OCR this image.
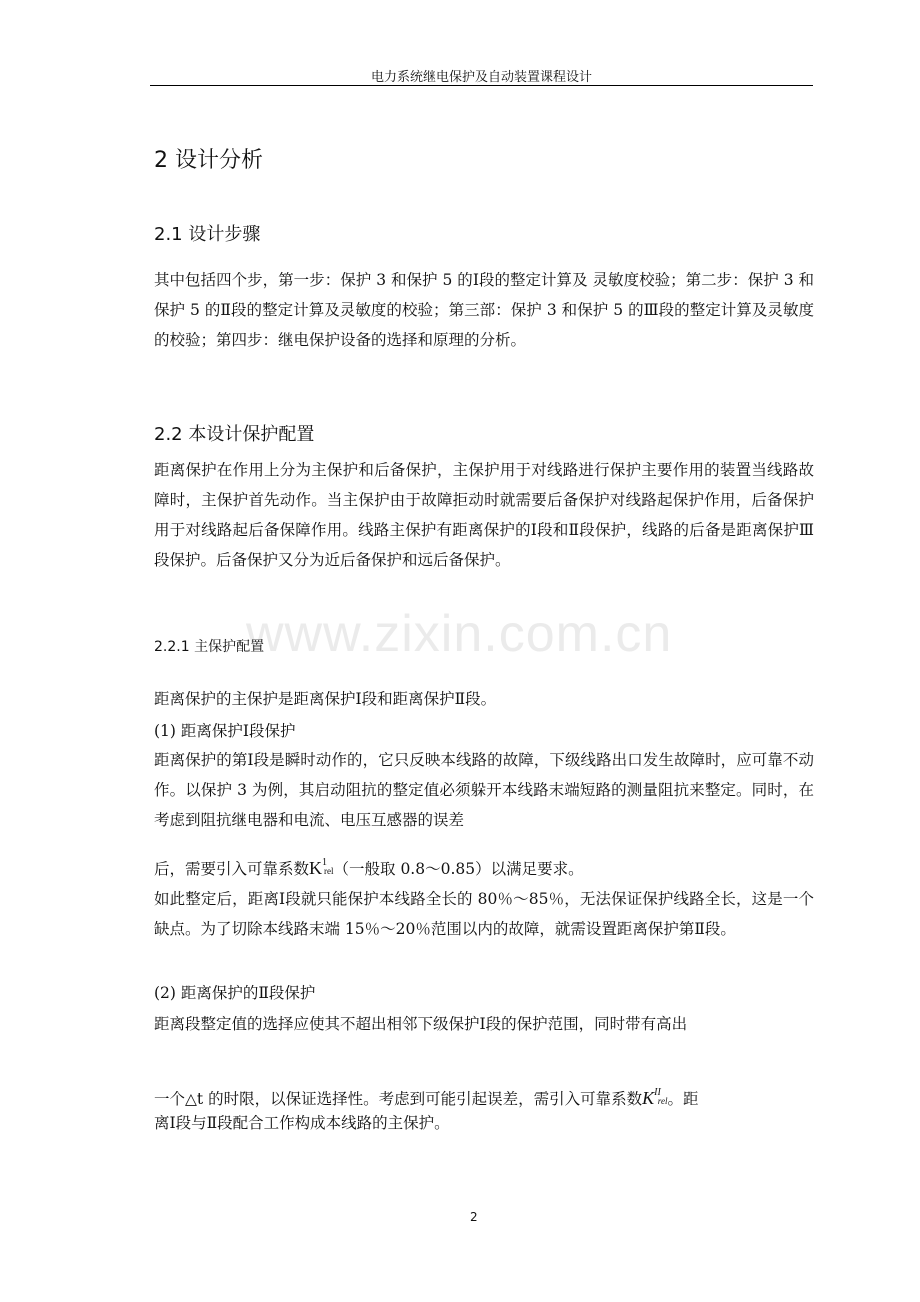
www.zixin.com.cn
电力系统继电保护及自动装置课程设计
2 设计分析
2.1 设计步骤

其中包括四个步，第一步：保护 3 和保护 5 的Ⅰ段的整定计算及 灵敏度校验；第二步：保护 3 和保护 5 的Ⅱ段的整定计算及灵敏度的校验；第三部：保护 3 和保护 5 的Ⅲ段的整定计算及灵敏度的校验；第四步：继电保护设备的选择和原理的分析。

2.2 本设计保护配置

距离保护在作用上分为主保护和后备保护，主保护用于对线路进行保护主要作用的装置当线路故障时，主保护首先动作。当主保护由于故障拒动时就需要后备保护对线路起保护作用，后备保护用于对线路起后备保障作用。线路主保护有距离保护的Ⅰ段和Ⅱ段保护，线路的后备是距离保护Ⅲ段保护。后备保护又分为近后备保护和远后备保护。

2.2.1 主保护配置
距离保护的主保护是距离保护Ⅰ段和距离保护Ⅱ段。
(1) 距离保护Ⅰ段保护

距离保护的第Ⅰ段是瞬时动作的，它只反映本线路的故障，下级线路出口发生故障时，应可靠不动作。以保护 3 为例，其启动阻抗的整定值必须躲开本线路末端短路的测量阻抗来整定。同时，在考虑到阻抗继电器和电流、电压互感器的误差

后，需要引入可靠系数$K^1rel$（一般取 0.8～0.85）以满足要求。

如此整定后，距离Ⅰ段就只能保护本线路全长的 80％～85％，无法保证保护线路全长，这是一个缺点。为了切除本线路末端 15％～20％范围以内的故障，就需设置距离保护第Ⅱ段。

(2) 距离保护的Ⅱ段保护
距离段整定值的选择应使其不超出相邻下级保护Ⅰ段的保护范围，同时带有高出
一个△t 的时限，以保证选择性。考虑到可能引起误差，需引入可靠系数$K^{II}rel$。距
离Ⅰ段与Ⅱ段配合工作构成本线路的主保护。
2
